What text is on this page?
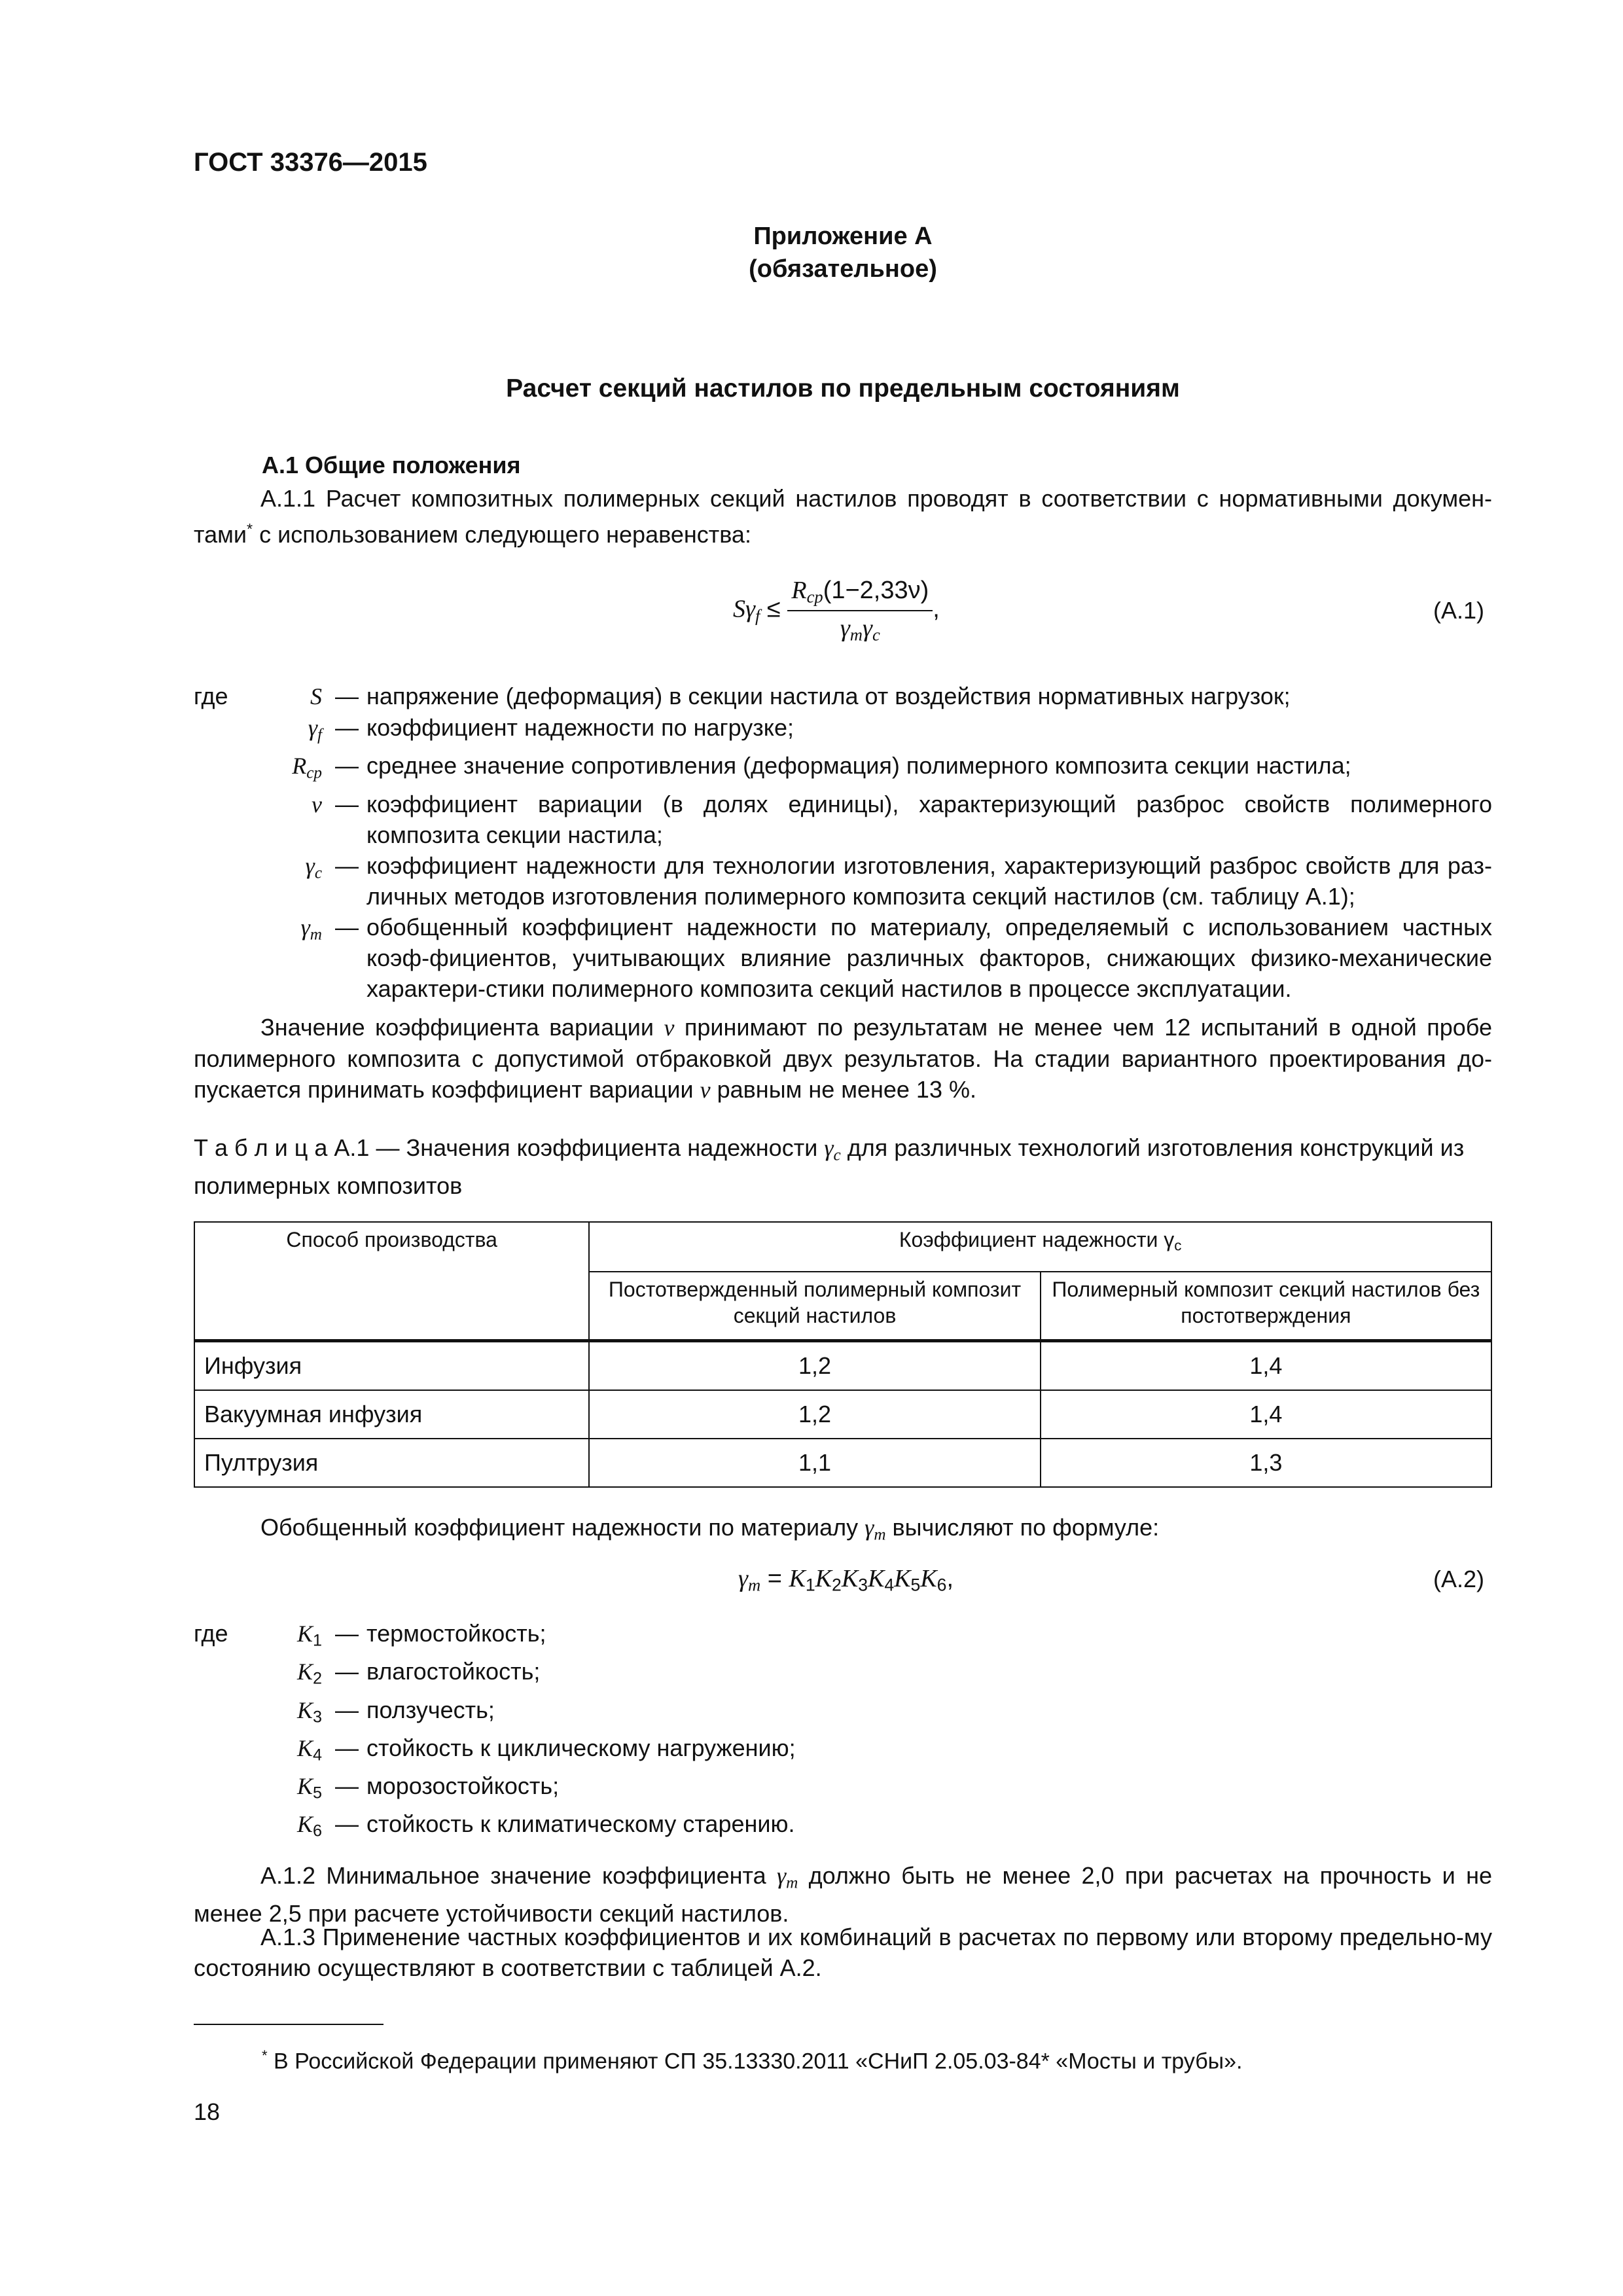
ГОСТ 33376—2015
Приложение А
(обязательное)
Расчет секций настилов по предельным состояниям
А.1 Общие положения
А.1.1 Расчет композитных полимерных секций настилов проводят в соответствии с нормативными докумен-тами* с использованием следующего неравенства:
$S\gamma_f \le \frac{R_{cp}(1-2,33\nu)}{\gamma_m\gamma_c}$ ,	(А.1)
где	S — напряжение (деформация) в секции настила от воздействия нормативных нагрузок;
$\gamma_f$ — коэффициент надежности по нагрузке;
$R_{cp}$ — среднее значение сопротивления (деформация) полимерного композита секции настила;
ν — коэффициент вариации (в долях единицы), характеризующий разброс свойств полимерного композита секции настила;
$\gamma_c$ — коэффициент надежности для технологии изготовления, характеризующий разброс свойств для раз-личных методов изготовления полимерного композита секций настилов (см. таблицу А.1);
$\gamma_m$ — обобщенный коэффициент надежности по материалу, определяемый с использованием частных коэф-фициентов, учитывающих влияние различных факторов, снижающих физико-механические характери-стики полимерного композита секций настилов в процессе эксплуатации.
Значение коэффициента вариации ν принимают по результатам не менее чем 12 испытаний в одной пробе полимерного композита с допустимой отбраковкой двух результатов. На стадии вариантного проектирования до-пускается принимать коэффициент вариации ν равным не менее 13 %.
Т а б л и ц а А.1 — Значения коэффициента надежности $\gamma_c$ для различных технологий изготовления конструкций из полимерных композитов
Способ производства	Коэффициент надежности $\gamma_c$
	Постотвержденный полимерный композит секций настилов	Полимерный композит секций настилов без постотверждения
Инфузия	1,2	1,4
Вакуумная инфузия	1,2	1,4
Пултрузия	1,1	1,3
Обобщенный коэффициент надежности по материалу $\gamma_m$ вычисляют по формуле:
$\gamma_m = K_1K_2K_3K_4K_5K_6$,	(А.2)
где	$K_1$ — термостойкость;
$K_2$ — влагостойкость;
$K_3$ — ползучесть;
$K_4$ — стойкость к циклическому нагружению;
$K_5$ — морозостойкость;
$K_6$ — стойкость к климатическому старению.
А.1.2 Минимальное значение коэффициента $\gamma_m$ должно быть не менее 2,0 при расчетах на прочность и не менее 2,5 при расчете устойчивости секций настилов.
А.1.3 Применение частных коэффициентов и их комбинаций в расчетах по первому или второму предельно-му состоянию осуществляют в соответствии с таблицей А.2.
* В Российской Федерации применяют СП 35.13330.2011 «СНиП 2.05.03-84* «Мосты и трубы».
18
